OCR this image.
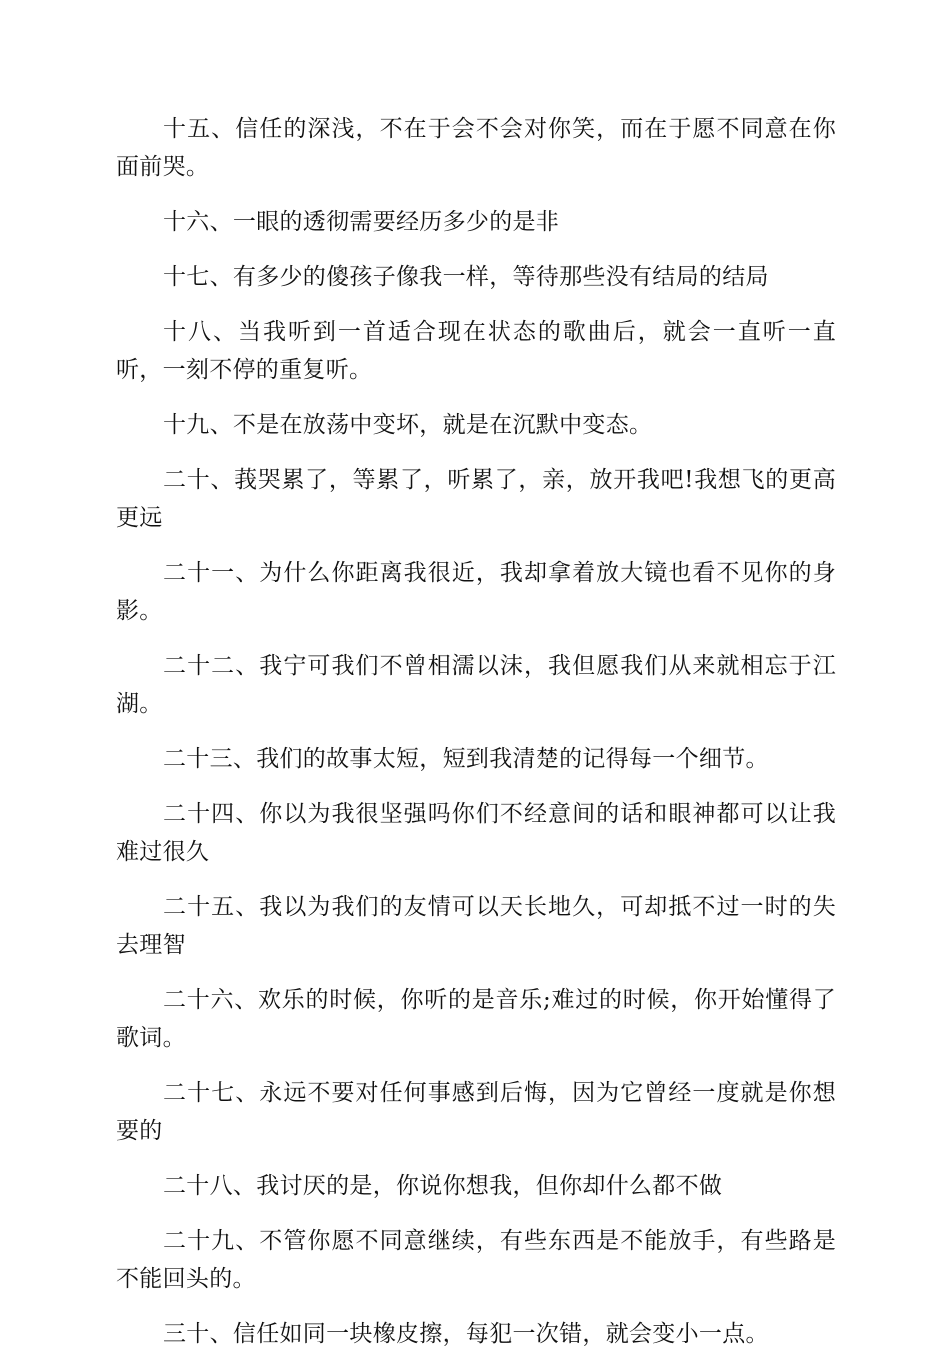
十五、信任的深浅，不在于会不会对你笑，而在于愿不同意在你面前哭。

十六、一眼的透彻需要经历多少的是非

十七、有多少的傻孩子像我一样，等待那些没有结局的结局

十八、当我听到一首适合现在状态的歌曲后，就会一直听一直听，一刻不停的重复听。

十九、不是在放荡中变坏，就是在沉默中变态。

二十、莪哭累了，等累了，听累了，亲，放开我吧!我想飞的更高更远

二十一、为什么你距离我很近，我却拿着放大镜也看不见你的身影。

二十二、我宁可我们不曾相濡以沫，我但愿我们从来就相忘于江湖。

二十三、我们的故事太短，短到我清楚的记得每一个细节。

二十四、你以为我很坚强吗你们不经意间的话和眼神都可以让我难过很久

二十五、我以为我们的友情可以天长地久，可却抵不过一时的失去理智

二十六、欢乐的时候，你听的是音乐;难过的时候，你开始懂得了歌词。

二十七、永远不要对任何事感到后悔，因为它曾经一度就是你想要的

二十八、我讨厌的是，你说你想我，但你却什么都不做

二十九、不管你愿不同意继续，有些东西是不能放手，有些路是不能回头的。

三十、信任如同一块橡皮擦，每犯一次错，就会变小一点。
